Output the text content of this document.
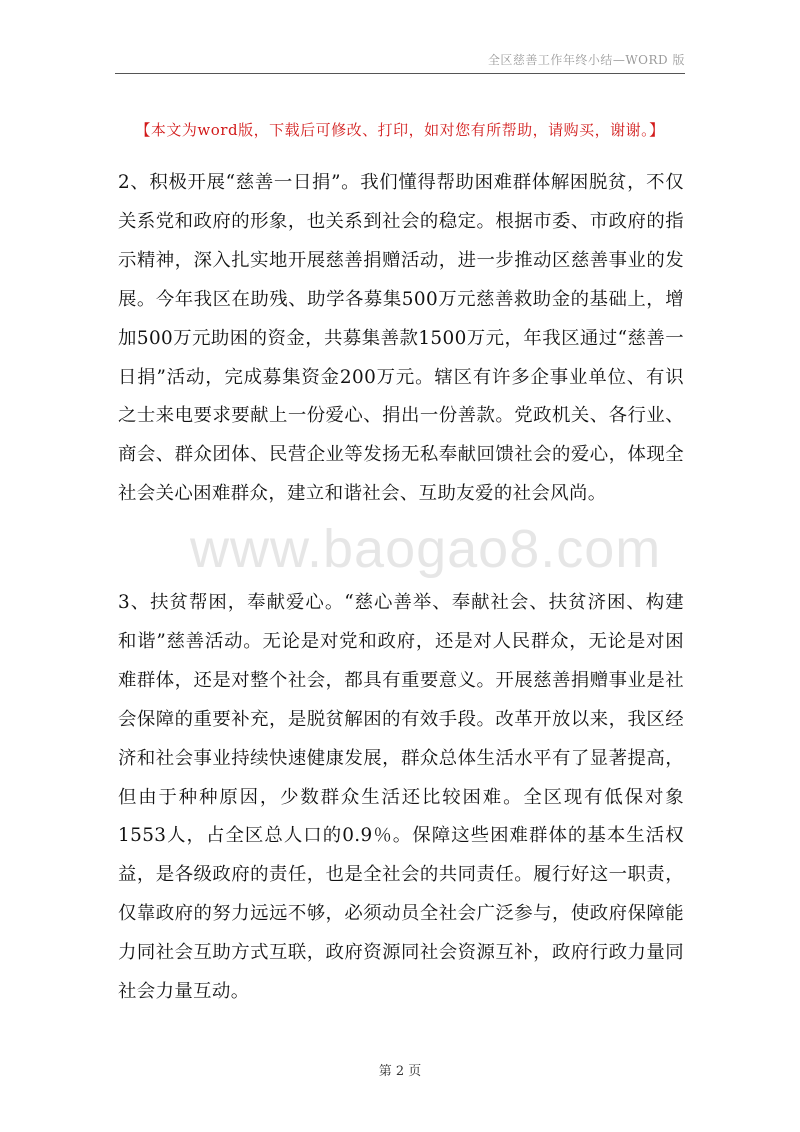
全区慈善工作年终小结—WORD 版
【本文为word版，下载后可修改、打印，如对您有所帮助，请购买，谢谢。】

2、积极开展“慈善一日捐”。我们懂得帮助困难群体解困脱贫，不仅关系党和政府的形象，也关系到社会的稳定。根据市委、市政府的指示精神，深入扎实地开展慈善捐赠活动，进一步推动区慈善事业的发展。今年我区在助残、助学各募集500万元慈善救助金的基础上，增加500万元助困的资金，共募集善款1500万元，年我区通过“慈善一日捐”活动，完成募集资金200万元。辖区有许多企事业单位、有识之士来电要求要献上一份爱心、捐出一份善款。党政机关、各行业、商会、群众团体、民营企业等发扬无私奉献回馈社会的爱心，体现全社会关心困难群众，建立和谐社会、互助友爱的社会风尚。

www.baogao8.com

3、扶贫帮困，奉献爱心。“慈心善举、奉献社会、扶贫济困、构建和谐”慈善活动。无论是对党和政府，还是对人民群众，无论是对困难群体，还是对整个社会，都具有重要意义。开展慈善捐赠事业是社会保障的重要补充，是脱贫解困的有效手段。改革开放以来，我区经济和社会事业持续快速健康发展，群众总体生活水平有了显著提高，但由于种种原因，少数群众生活还比较困难。全区现有低保对象1553人，占全区总人口的0.9％。保障这些困难群体的基本生活权益，是各级政府的责任，也是全社会的共同责任。履行好这一职责，仅靠政府的努力远远不够，必须动员全社会广泛参与，使政府保障能力同社会互助方式互联，政府资源同社会资源互补，政府行政力量同社会力量互动。

第 2 页
